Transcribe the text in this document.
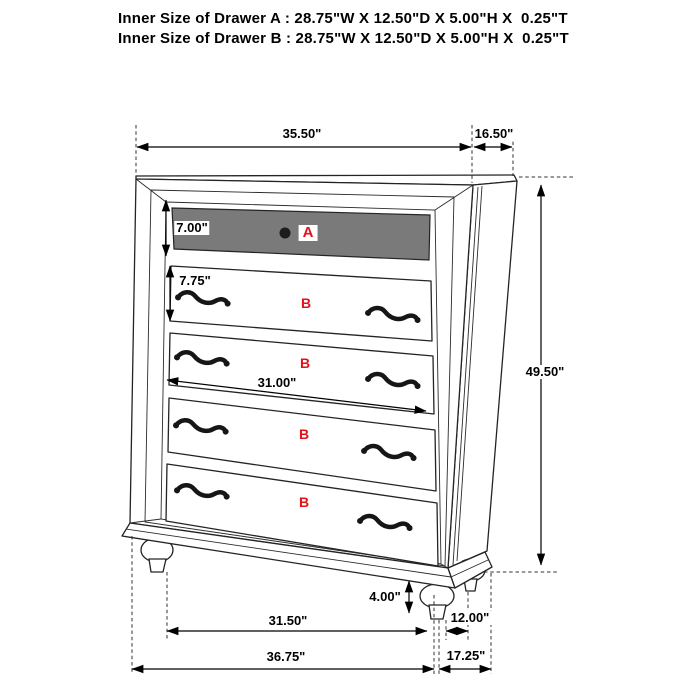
Inner Size of Drawer A : 28.75"W X 12.50"D X 5.00"H X  0.25"T
Inner Size of Drawer B : 28.75"W X 12.50"D X 5.00"H X  0.25"T
35.50"	16.50"
49.50"
7.00"
7.75"
31.00"
4.00"
31.50"	12.00"
36.75"	17.25"
A
B
B
B
B
